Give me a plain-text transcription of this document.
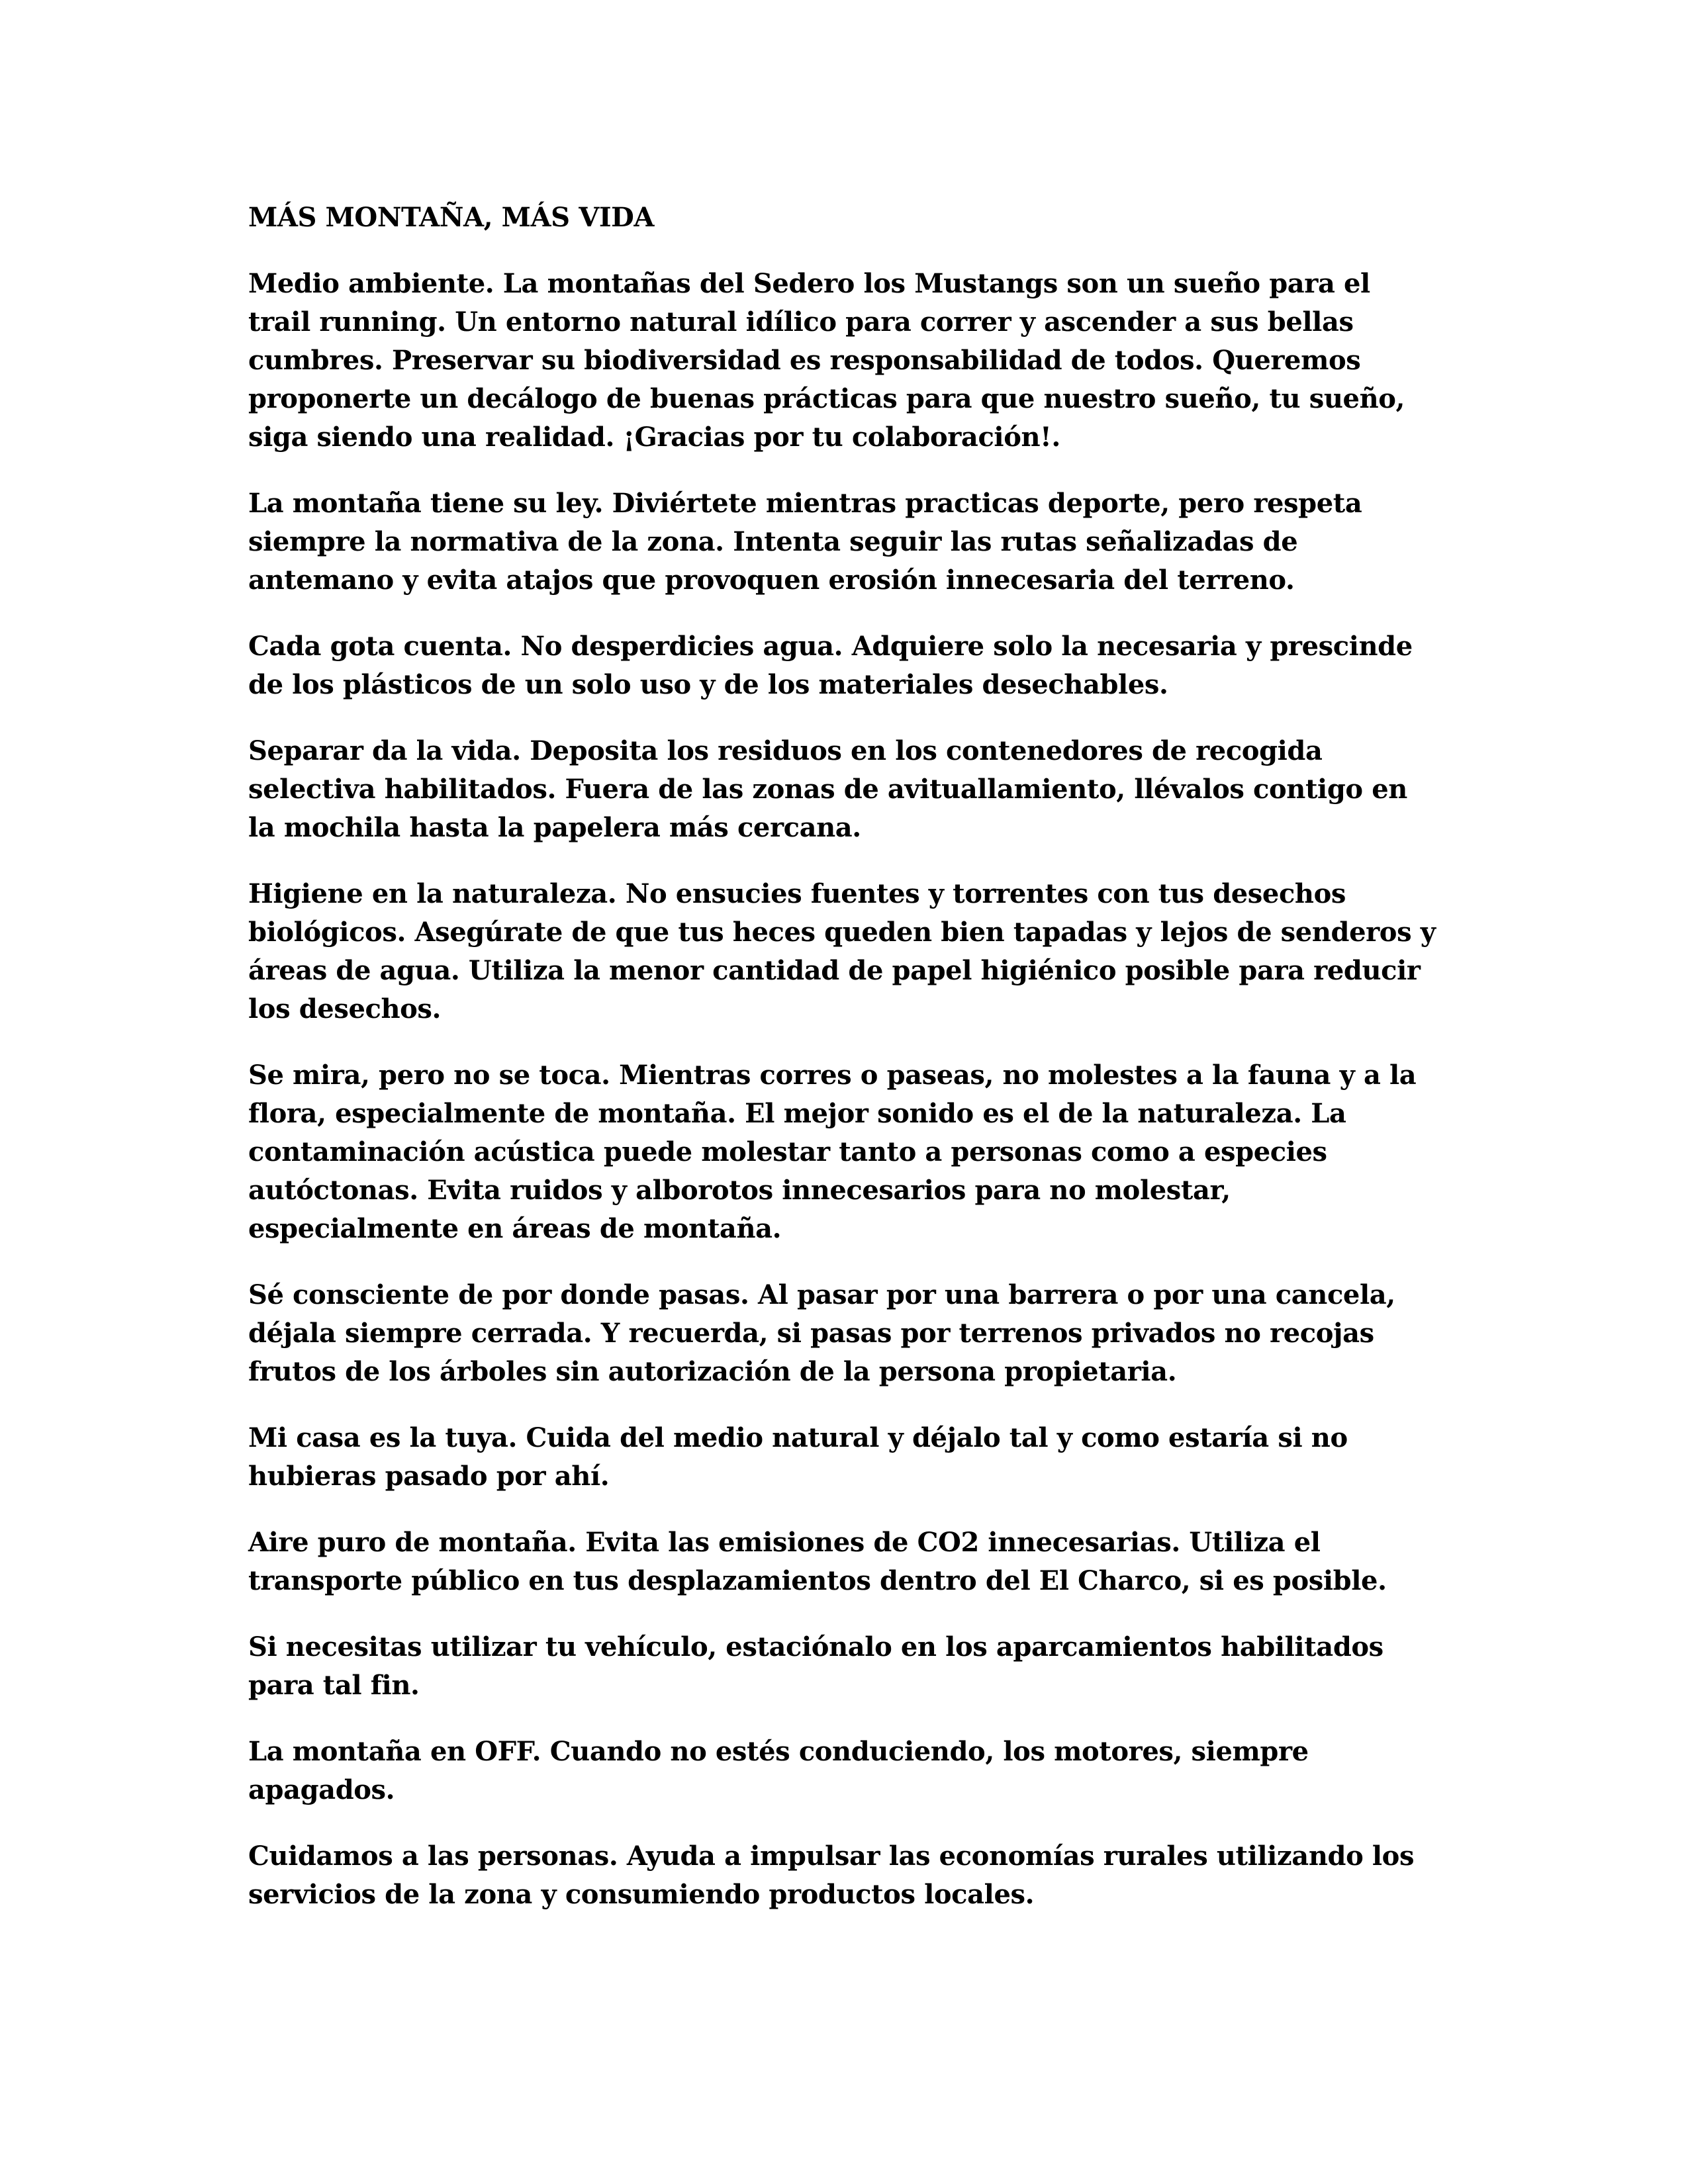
MÁS MONTAÑA, MÁS VIDA

Medio ambiente. La montañas del Sedero los Mustangs son un sueño para el trail running. Un entorno natural idílico para correr y ascender a sus bellas cumbres. Preservar su biodiversidad es responsabilidad de todos. Queremos proponerte un decálogo de buenas prácticas para que nuestro sueño, tu sueño, siga siendo una realidad. ¡Gracias por tu colaboración!.

La montaña tiene su ley. Diviértete mientras practicas deporte, pero respeta siempre la normativa de la zona. Intenta seguir las rutas señalizadas de antemano y evita atajos que provoquen erosión innecesaria del terreno.

Cada gota cuenta. No desperdicies agua. Adquiere solo la necesaria y prescinde de los plásticos de un solo uso y de los materiales desechables.

Separar da la vida. Deposita los residuos en los contenedores de recogida selectiva habilitados. Fuera de las zonas de avituallamiento, llévalos contigo en la mochila hasta la papelera más cercana.

Higiene en la naturaleza. No ensucies fuentes y torrentes con tus desechos biológicos. Asegúrate de que tus heces queden bien tapadas y lejos de senderos y áreas de agua. Utiliza la menor cantidad de papel higiénico posible para reducir los desechos.

Se mira, pero no se toca. Mientras corres o paseas, no molestes a la fauna y a la flora, especialmente de montaña. El mejor sonido es el de la naturaleza. La contaminación acústica puede molestar tanto a personas como a especies autóctonas. Evita ruidos y alborotos innecesarios para no molestar, especialmente en áreas de montaña.

Sé consciente de por donde pasas. Al pasar por una barrera o por una cancela, déjala siempre cerrada. Y recuerda, si pasas por terrenos privados no recojas frutos de los árboles sin autorización de la persona propietaria.

Mi casa es la tuya. Cuida del medio natural y déjalo tal y como estaría si no hubieras pasado por ahí.

Aire puro de montaña. Evita las emisiones de CO2 innecesarias. Utiliza el transporte público en tus desplazamientos dentro del El Charco, si es posible.

Si necesitas utilizar tu vehículo, estaciónalo en los aparcamientos habilitados para tal fin.

La montaña en OFF. Cuando no estés conduciendo, los motores, siempre apagados.

Cuidamos a las personas. Ayuda a impulsar las economías rurales utilizando los servicios de la zona y consumiendo productos locales.
